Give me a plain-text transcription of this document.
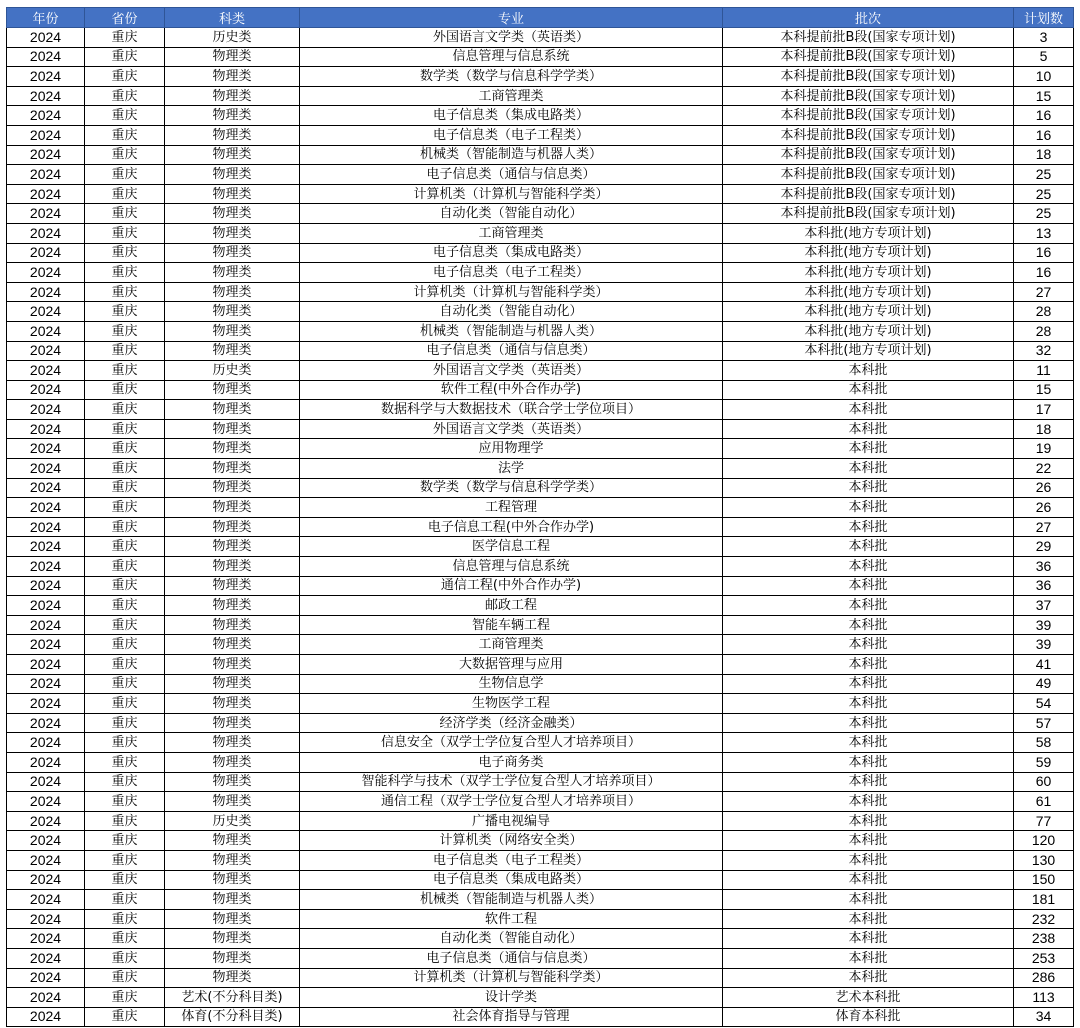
年份	省份	科类	专业	批次	计划数
2024	重庆	历史类	外国语言文学类（英语类）	本科提前批B段(国家专项计划)	3
2024	重庆	物理类	信息管理与信息系统	本科提前批B段(国家专项计划)	5
2024	重庆	物理类	数学类（数学与信息科学学类）	本科提前批B段(国家专项计划)	10
2024	重庆	物理类	工商管理类	本科提前批B段(国家专项计划)	15
2024	重庆	物理类	电子信息类（集成电路类）	本科提前批B段(国家专项计划)	16
2024	重庆	物理类	电子信息类（电子工程类）	本科提前批B段(国家专项计划)	16
2024	重庆	物理类	机械类（智能制造与机器人类）	本科提前批B段(国家专项计划)	18
2024	重庆	物理类	电子信息类（通信与信息类）	本科提前批B段(国家专项计划)	25
2024	重庆	物理类	计算机类（计算机与智能科学类）	本科提前批B段(国家专项计划)	25
2024	重庆	物理类	自动化类（智能自动化）	本科提前批B段(国家专项计划)	25
2024	重庆	物理类	工商管理类	本科批(地方专项计划)	13
2024	重庆	物理类	电子信息类（集成电路类）	本科批(地方专项计划)	16
2024	重庆	物理类	电子信息类（电子工程类）	本科批(地方专项计划)	16
2024	重庆	物理类	计算机类（计算机与智能科学类）	本科批(地方专项计划)	27
2024	重庆	物理类	自动化类（智能自动化）	本科批(地方专项计划)	28
2024	重庆	物理类	机械类（智能制造与机器人类）	本科批(地方专项计划)	28
2024	重庆	物理类	电子信息类（通信与信息类）	本科批(地方专项计划)	32
2024	重庆	历史类	外国语言文学类（英语类）	本科批	11
2024	重庆	物理类	软件工程(中外合作办学)	本科批	15
2024	重庆	物理类	数据科学与大数据技术（联合学士学位项目）	本科批	17
2024	重庆	物理类	外国语言文学类（英语类）	本科批	18
2024	重庆	物理类	应用物理学	本科批	19
2024	重庆	物理类	法学	本科批	22
2024	重庆	物理类	数学类（数学与信息科学学类）	本科批	26
2024	重庆	物理类	工程管理	本科批	26
2024	重庆	物理类	电子信息工程(中外合作办学)	本科批	27
2024	重庆	物理类	医学信息工程	本科批	29
2024	重庆	物理类	信息管理与信息系统	本科批	36
2024	重庆	物理类	通信工程(中外合作办学)	本科批	36
2024	重庆	物理类	邮政工程	本科批	37
2024	重庆	物理类	智能车辆工程	本科批	39
2024	重庆	物理类	工商管理类	本科批	39
2024	重庆	物理类	大数据管理与应用	本科批	41
2024	重庆	物理类	生物信息学	本科批	49
2024	重庆	物理类	生物医学工程	本科批	54
2024	重庆	物理类	经济学类（经济金融类）	本科批	57
2024	重庆	物理类	信息安全（双学士学位复合型人才培养项目）	本科批	58
2024	重庆	物理类	电子商务类	本科批	59
2024	重庆	物理类	智能科学与技术（双学士学位复合型人才培养项目）	本科批	60
2024	重庆	物理类	通信工程（双学士学位复合型人才培养项目）	本科批	61
2024	重庆	历史类	广播电视编导	本科批	77
2024	重庆	物理类	计算机类（网络安全类）	本科批	120
2024	重庆	物理类	电子信息类（电子工程类）	本科批	130
2024	重庆	物理类	电子信息类（集成电路类）	本科批	150
2024	重庆	物理类	机械类（智能制造与机器人类）	本科批	181
2024	重庆	物理类	软件工程	本科批	232
2024	重庆	物理类	自动化类（智能自动化）	本科批	238
2024	重庆	物理类	电子信息类（通信与信息类）	本科批	253
2024	重庆	物理类	计算机类（计算机与智能科学类）	本科批	286
2024	重庆	艺术(不分科目类)	设计学类	艺术本科批	113
2024	重庆	体育(不分科目类)	社会体育指导与管理	体育本科批	34
